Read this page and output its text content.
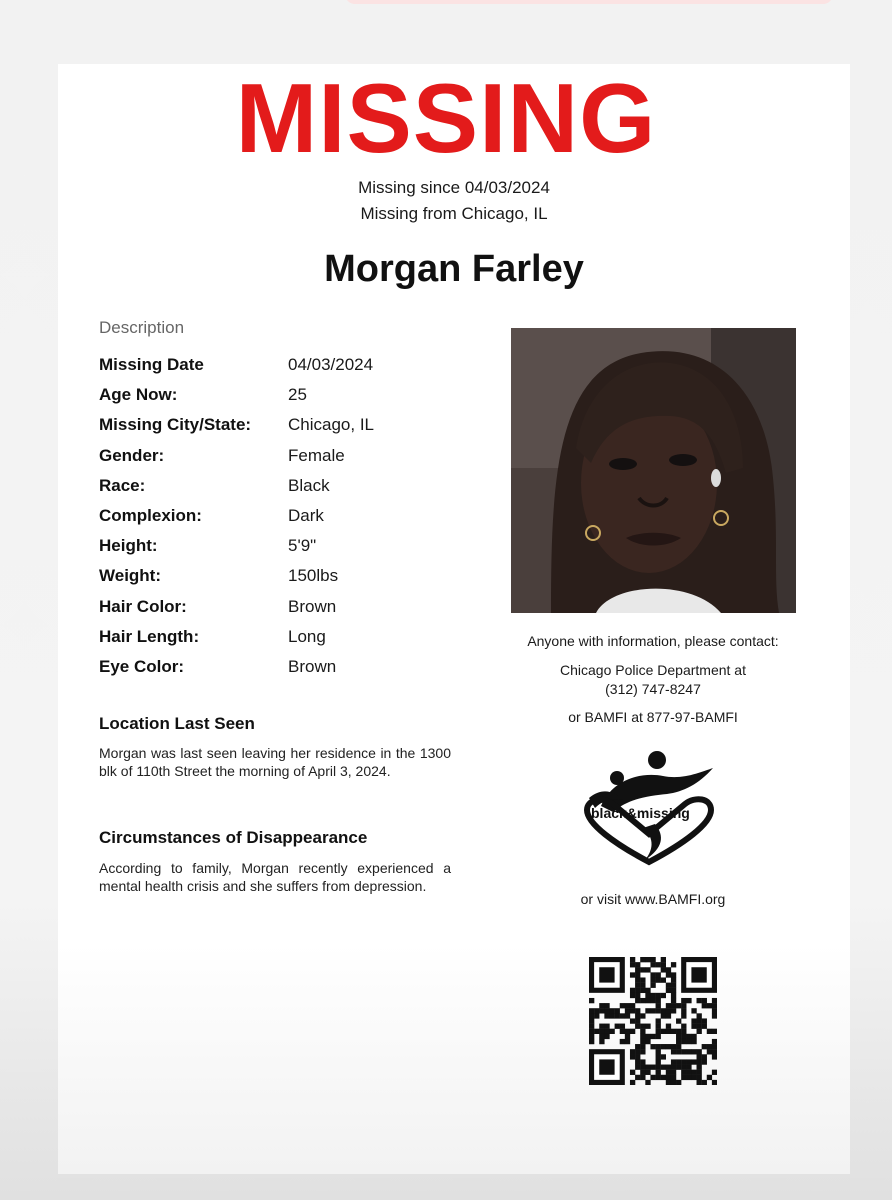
MISSING
Missing since 04/03/2024
Missing from Chicago, IL
Morgan Farley
Description
Missing Date	04/03/2024
Age Now:	25
Missing City/State:	Chicago, IL
Gender:	Female
Race:	Black
Complexion:	Dark
Height:	5'9"
Weight:	150lbs
Hair Color:	Brown
Hair Length:	Long
Eye Color:	Brown
Location Last Seen
Morgan was last seen leaving her residence in the 1300 blk of 110th Street the morning of April 3, 2024.
Circumstances of Disappearance
According to family, Morgan recently experienced a mental health crisis and she suffers from depression.
Anyone with information, please contact:
Chicago Police Department at
(312) 747-8247
or BAMFI at 877-97-BAMFI
black&missing
or visit www.BAMFI.org
